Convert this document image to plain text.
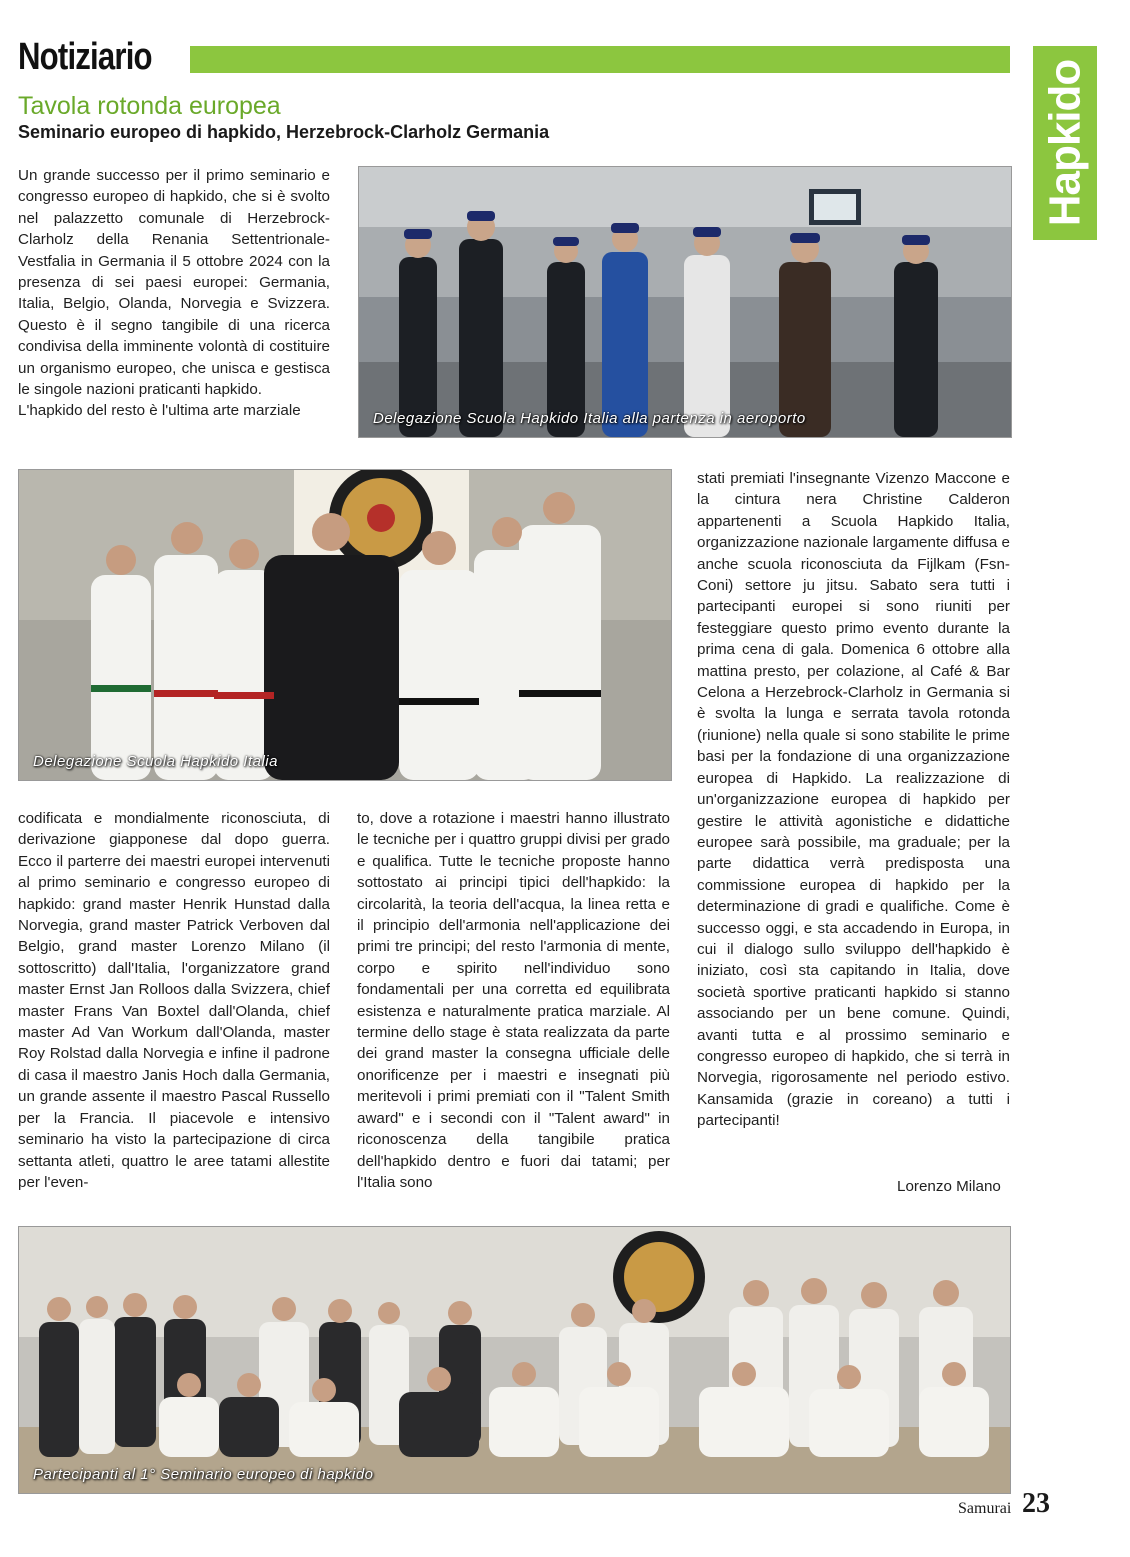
Notiziario
Hapkido
Tavola rotonda europea
Seminario europeo di hapkido, Herzebrock-Clarholz Germania

Un grande successo per il primo seminario e congresso europeo di hapkido, che si è svolto nel palazzetto comunale di Herzebrock-Clarholz della Renania Settentrionale-Vestfalia in Germania il 5 ottobre 2024 con la presenza di sei paesi europei: Germania, Italia, Belgio, Olanda, Norvegia e Svizzera. Questo è il segno tangibile di una ricerca condivisa della imminente volontà di costituire un organismo europeo, che unisca e gestisca le singole nazioni praticanti hapkido.

L'hapkido del resto è l'ultima arte marziale	Delegazione Scuola Hapkido Italia alla partenza in aeroporto
Delegazione Scuola Hapkido Italia

stati premiati l'insegnante Vizenzo Maccone e la cintura nera Christine Calderon appartenenti a Scuola Hapkido Italia, organizzazione nazionale largamente diffusa e anche scuola riconosciuta da Fijlkam (Fsn-Coni) settore ju jitsu. Sabato sera tutti i partecipanti europei si sono riuniti per festeggiare questo primo evento durante la prima cena di gala. Domenica 6 ottobre alla mattina presto, per colazione, al Café & Bar Celona a Herzebrock-Clarholz in Germania si è svolta la lunga e serrata tavola rotonda (riunione) nella quale si sono stabilite le prime basi per la fondazione di una organizzazione europea di Hapkido. La realizzazione di un'organizzazione europea di hapkido per gestire le attività agonistiche e didattiche europee sarà possibile, ma graduale; per la parte didattica verrà predisposta una commissione europea di hapkido per la determinazione di gradi e qualifiche. Come è successo oggi, e sta accadendo in Europa, in cui il dialogo sullo sviluppo dell'hapkido è iniziato, così sta capitando in Italia, dove società sportive praticanti hapkido si stanno associando per un bene comune. Quindi, avanti tutta e al prossimo seminario e congresso europeo di hapkido, che si terrà in Norvegia, rigorosamente nel periodo estivo. Kansamida (grazie in coreano) a tutti i partecipanti!

codificata e mondialmente riconosciuta, di derivazione giapponese dal dopo guerra. Ecco il parterre dei maestri europei intervenuti al primo seminario e congresso europeo di hapkido: grand master Henrik Hunstad dalla Norvegia, grand master Patrick Verboven dal Belgio, grand master Lorenzo Milano (il sottoscritto) dall'Italia, l'organizzatore grand master Ernst Jan Rolloos dalla Svizzera, chief master Frans Van Boxtel dall'Olanda, chief master Ad Van Workum dall'Olanda, master Roy Rolstad dalla Norvegia e infine il padrone di casa il maestro Janis Hoch dalla Germania, un grande assente il maestro Pascal Russello per la Francia. Il piacevole e intensivo seminario ha visto la partecipazione di circa settanta atleti, quattro le aree tatami allestite per l'even-

to, dove a rotazione i maestri hanno illustrato le tecniche per i quattro gruppi divisi per grado e qualifica. Tutte le tecniche proposte hanno sottostato ai principi tipici dell'hapkido: la circolarità, la teoria dell'acqua, la linea retta e il principio dell'armonia nell'applicazione dei primi tre principi; del resto l'armonia di mente, corpo e spirito nell'individuo sono fondamentali per una corretta ed equilibrata esistenza e naturalmente pratica marziale. Al termine dello stage è stata realizzata da parte dei grand master la consegna ufficiale delle onorificenze per i maestri e insegnati più meritevoli i primi premiati con il "Talent Smith award" e i secondi con il "Talent award" in riconoscenza della tangibile pratica dell'hapkido dentro e fuori dai tatami; per l'Italia sono	Lorenzo Milano
Partecipanti al 1° Seminario europeo di hapkido
Samurai 23
